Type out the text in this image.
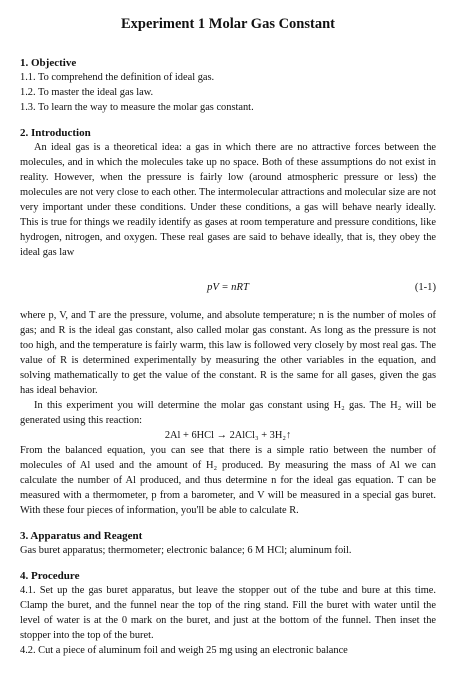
Experiment 1 Molar Gas Constant
1. Objective

1.1. To comprehend the definition of ideal gas.

1.2. To master the ideal gas law.

1.3. To learn the way to measure the molar gas constant.

2. Introduction

An ideal gas is a theoretical idea: a gas in which there are no attractive forces between the molecules, and in which the molecules take up no space. Both of these assumptions do not exist in reality. However, when the pressure is fairly low (around atmospheric pressure or less) the molecules are not very close to each other. The intermolecular attractions and molecular size are not very important under these conditions. Under these conditions, a gas will behave nearly ideally. This is true for things we readily identify as gases at room temperature and pressure conditions, like hydrogen, nitrogen, and oxygen. These real gases are said to behave ideally, that is, they obey the ideal gas law

pV = nRT	(1-1)

where p, V, and T are the pressure, volume, and absolute temperature; n is the number of moles of gas; and R is the ideal gas constant, also called molar gas constant. As long as the pressure is not too high, and the temperature is fairly warm, this law is followed very closely by most real gas. The value of R is determined experimentally by measuring the other variables in the equation, and solving mathematically to get the value of the constant. R is the same for all gases, given the gas has ideal behavior.

In this experiment you will determine the molar gas constant using H₂ gas. The H₂ will be generated using this reaction:

2Al + 6HCl → 2AlCl₃ + 3H₂↑

From the balanced equation, you can see that there is a simple ratio between the number of molecules of Al used and the amount of H₂ produced. By measuring the mass of Al we can calculate the number of Al produced, and thus determine n for the ideal gas equation. T can be measured with a thermometer, p from a barometer, and V will be measured in a special gas buret. With these four pieces of information, you'll be able to calculate R.

3. Apparatus and Reagent

Gas buret apparatus; thermometer; electronic balance; 6 M HCl; aluminum foil.

4. Procedure

4.1. Set up the gas buret apparatus, but leave the stopper out of the tube and bure at this time. Clamp the buret, and the funnel near the top of the ring stand. Fill the buret with water until the level of water is at the 0 mark on the buret, and just at the bottom of the funnel. Then inset the stopper into the top of the buret.

4.2. Cut a piece of aluminum foil and weigh 25 mg using an electronic balance
